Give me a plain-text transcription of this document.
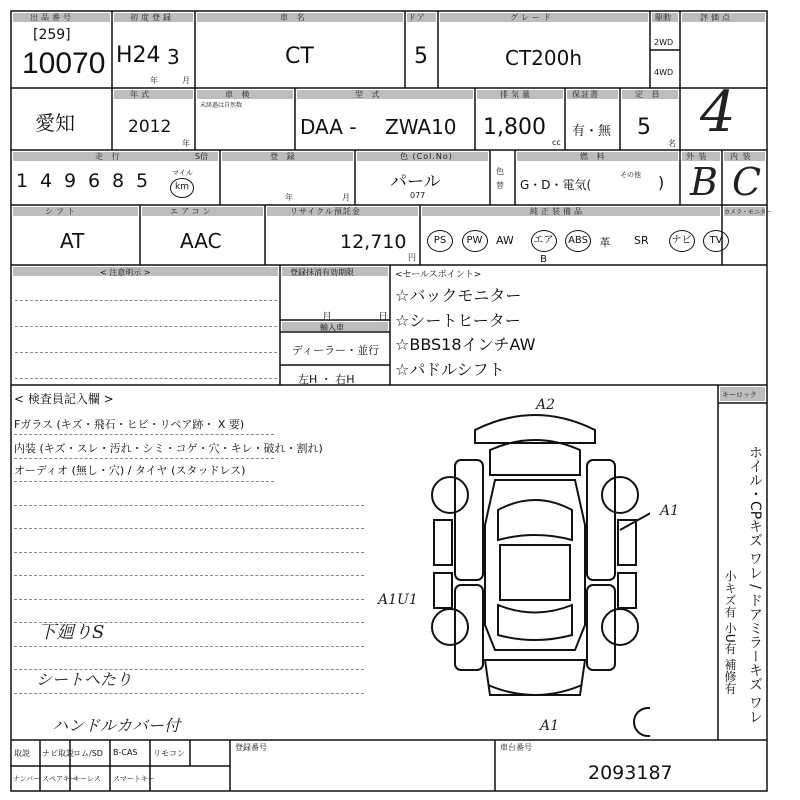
出品番号
[259]
10070
初度登録
H24 3
年	月
車 名
CT
ドア
5
グレード
CT200h
駆動
2WD
4WD
評価点
4
愛知
年式
2012
年
車 検
未経過は自然数
型 式
DAA - ZWA10
排気量
1,800
cc
保証書
有・無
定 員
5
名
走 行	S倍
1 4 9 6 8 5	マイル
km
登 録
年	月
色 (Col.No)
パール
077
色替
燃 料
G・D・電気(
その他 )
外 装
B
内 装
C
シフト
AT
エアコン
AAC
リサイクル預託金
12,710
円
純正装備品	カメラ・モニター
PS	PW	AW	エアB
ABS 革 SR	ナビ	TV
< 注意明示 >	登録抹消有効期限
月	日
輸入車
ディーラー・並行
左H ・ 右H
<セールスポイント>
☆バックモニター
☆シートヒーター
☆BBS18インチAW
☆パドルシフト
< 検査員記入欄 >
Fガラス (キズ・飛石・ヒビ・リペア跡・ X 要)
内装 (キズ・スレ・汚れ・シミ・コゲ・穴・キレ・破れ・割れ)
オーディオ (無し・穴) / タイヤ (スタッドレス)
下廻りS
シートへたり
ハンドルカバー付
A2
A1
A1U1
A1
キーロック
ホイル・CPキズ ワレ / ドアミラーキズ ワレ
小キズ有 小U有 補修有
取説 ナビ取説 ロム/SD B-CAS リモコン
ナンバー スペアキー
キーレス スマートキー
登録番号	車台番号
2093187
